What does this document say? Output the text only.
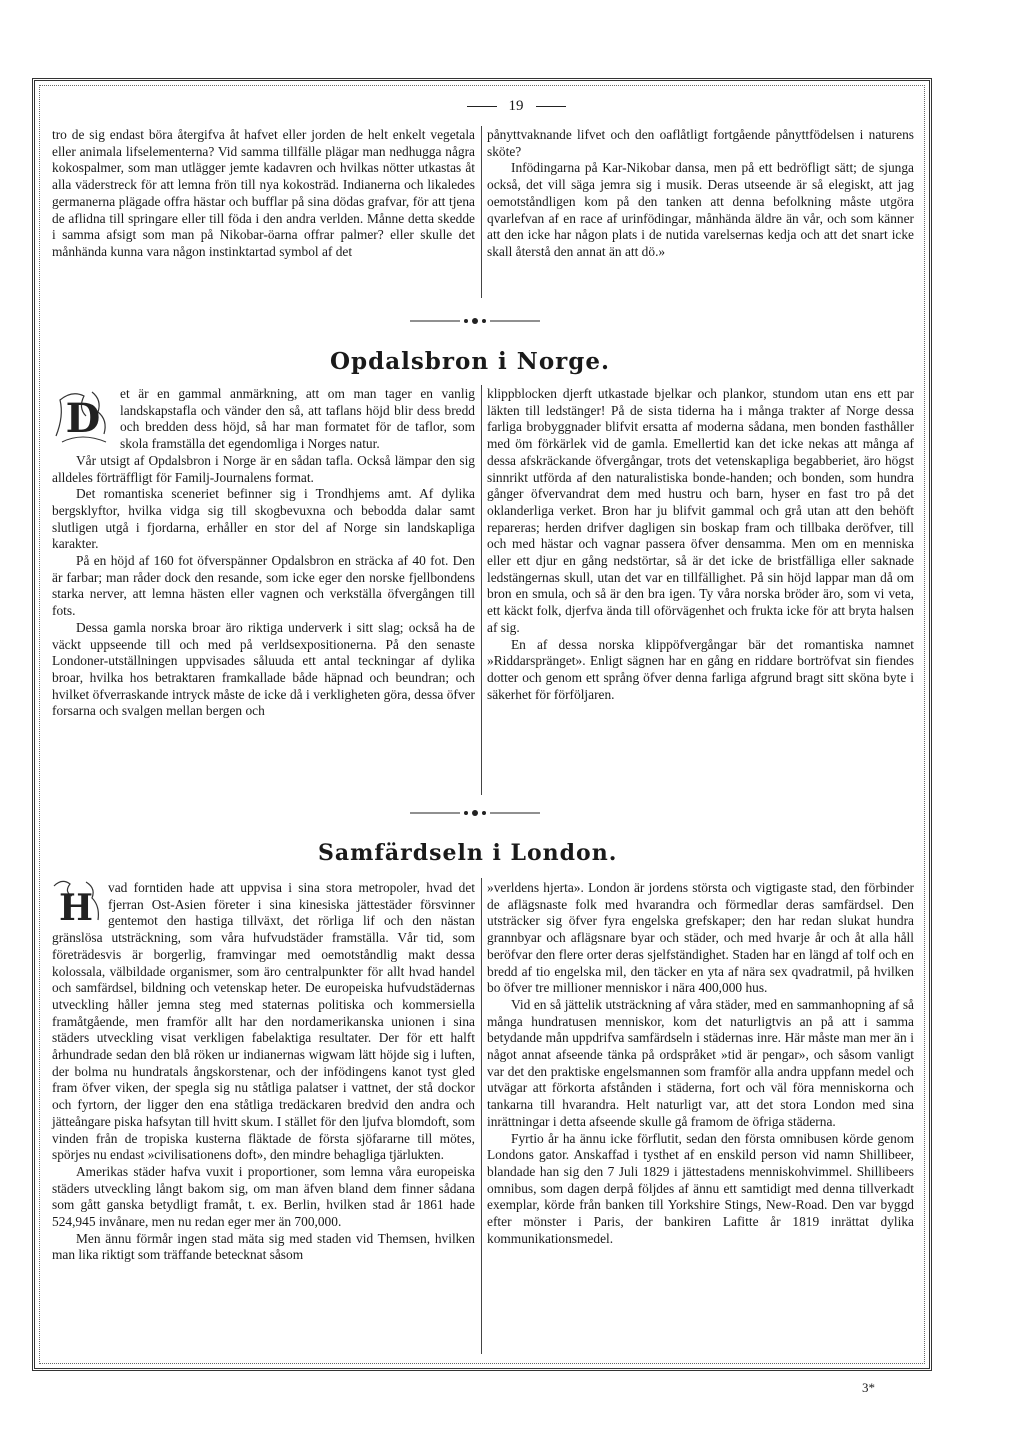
19

tro de sig endast böra återgifva åt hafvet eller jorden de helt enkelt vegetala eller animala lifselementerna? Vid samma tillfälle plägar man nedhugga några kokospalmer, som man utlägger jemte kadavren och hvilkas nötter utkastas åt alla väderstreck för att lemna frön till nya kokosträd. Indianerna och likaledes germanerna plägade offra hästar och bufflar på sina dödas grafvar, för att tjena de aflidna till springare eller till föda i den andra verlden. Månne detta skedde i samma afsigt som man på Nikobar-öarna offrar palmer? eller skulle det månhända kunna vara någon instinktartad symbol af det

pånyttvaknande lifvet och den oaflåtligt fortgående pånyttfödelsen i naturens sköte?

Infödingarna på Kar-Nikobar dansa, men på ett bedröfligt sätt; de sjunga också, det vill säga jemra sig i musik. Deras utseende är så elegiskt, att jag oemotståndligen kom på den tanken att denna befolkning måste utgöra qvarlefvan af en race af urinfödingar, månhända äldre än vår, och som känner att den icke har någon plats i de nutida varelsernas kedja och att det snart icke skall återstå den annat än att dö.»

Opdalsbron i Norge.
D

et är en gammal anmärkning, att om man tager en vanlig landskapstafla och vänder den så, att taflans höjd blir dess bredd och bredden dess höjd, så har man formatet för de taflor, som skola framställa det egendomliga i Norges natur.

Vår utsigt af Opdalsbron i Norge är en sådan tafla. Också lämpar den sig alldeles förträffligt för Familj-Journalens format.

Det romantiska sceneriet befinner sig i Trondhjems amt. Af dylika bergsklyftor, hvilka vidga sig till skogbevuxna och bebodda dalar samt slutligen utgå i fjordarna, erhåller en stor del af Norge sin landskapliga karakter.

På en höjd af 160 fot öfverspänner Opdalsbron en sträcka af 40 fot. Den är farbar; man råder dock den resande, som icke eger den norske fjellbondens starka nerver, att lemna hästen eller vagnen och verkställa öfvergången till fots.

Dessa gamla norska broar äro riktiga underverk i sitt slag; också ha de väckt uppseende till och med på verldsexpositionerna. På den senaste Londoner-utställningen uppvisades såluuda ett antal teckningar af dylika broar, hvilka hos betraktaren framkallade både häpnad och beundran; och hvilket öfverraskande intryck måste de icke då i verkligheten göra, dessa öfver forsarna och svalgen mellan bergen och

klippblocken djerft utkastade bjelkar och plankor, stundom utan ens ett par läkten till ledstänger! På de sista tiderna ha i många trakter af Norge dessa farliga brobyggnader blifvit ersatta af moderna sådana, men bonden fasthåller med öm förkärlek vid de gamla. Emellertid kan det icke nekas att många af dessa afskräckande öfvergångar, trots det vetenskapliga begabberiet, äro högst sinnrikt utförda af den naturalistiska bonde-handen; och bonden, som hundra gånger öfvervandrat dem med hustru och barn, hyser en fast tro på det oklanderliga verket. Bron har ju blifvit gammal och grå utan att den behöft repareras; herden drifver dagligen sin boskap fram och tillbaka deröfver, till och med hästar och vagnar passera öfver densamma. Men om en menniska eller ett djur en gång nedstörtar, så är det icke de bristfälliga eller saknade ledstängernas skull, utan det var en tillfällighet. På sin höjd lappar man då om bron en smula, och så är den bra igen. Ty våra norska bröder äro, som vi veta, ett käckt folk, djerfva ända till oförvägenhet och frukta icke för att bryta halsen af sig.

En af dessa norska klippöfvergångar bär det romantiska namnet »Riddarspränget». Enligt sägnen har en gång en riddare bortröfvat sin fiendes dotter och genom ett språng öfver denna farliga afgrund bragt sitt sköna byte i säkerhet för förföljaren.

Samfärdseln i London.
H	vad forntiden hade att uppvisa i sina stora metropoler, hvad det fjerran Ost-Asien företer i sina kinesiska jättestäder försvinner gentemot den hastiga tillväxt, det rörliga lif och den nästan gränslösa utsträckning, som våra hufvudstäder framställa. Vår tid, som företrädesvis är borgerlig, framvingar med oemotståndlig makt dessa kolossala, välbildade organismer, som äro centralpunkter för allt hvad handel och samfärdsel, bildning och vetenskap heter. De europeiska hufvudstädernas utveckling håller jemna steg med staternas politiska och kommersiella framåtgående, men framför allt har den nordamerikanska unionen i sina städers utveckling visat verkligen fabelaktiga resultater. Der för ett halft århundrade sedan den blå röken ur indianernas wigwam lätt höjde sig i luften, der bolma nu hundratals ångskorstenar, och der infödingens kanot tyst gled fram öfver viken, der spegla sig nu ståtliga palatser i vattnet, der stå dockor och fyrtorn, der ligger den ena ståtliga tredäckaren bredvid den andra och jätteångare piska hafsytan till hvitt skum. I stället för den ljufva blomdoft, som vinden från de tropiska kusterna fläktade de första sjöfararne till mötes, spörjes nu endast »civilisationens doft», den mindre behagliga tjärlukten.

Amerikas städer hafva vuxit i proportioner, som lemna våra europeiska städers utveckling långt bakom sig, om man äfven bland dem finner sådana som gått ganska betydligt framåt, t. ex. Berlin, hvilken stad år 1861 hade 524,945 invånare, men nu redan eger mer än 700,000.

Men ännu förmår ingen stad mäta sig med staden vid Themsen, hvilken man lika riktigt som träffande betecknat såsom

»verldens hjerta». London är jordens största och vigtigaste stad, den förbinder de aflägsnaste folk med hvarandra och förmedlar deras samfärdsel. Den utsträcker sig öfver fyra engelska grefskaper; den har redan slukat hundra grannbyar och aflägsnare byar och städer, och med hvarje år och åt alla håll beröfvar den flere orter deras sjelfständighet. Staden har en längd af tolf och en bredd af tio engelska mil, den täcker en yta af nära sex qvadratmil, på hvilken bo öfver tre millioner menniskor i nära 400,000 hus.

Vid en så jättelik utsträckning af våra städer, med en sammanhopning af så många hundratusen menniskor, kom det naturligtvis an på att i samma betydande mån uppdrifva samfärdseln i städernas inre. Här måste man mer än i något annat afseende tänka på ordspråket »tid är pengar», och såsom vanligt var det den praktiske engelsmannen som framför alla andra uppfann medel och utvägar att förkorta afstånden i städerna, fort och väl föra menniskorna och tankarna till hvarandra. Helt naturligt var, att det stora London med sina inrättningar i detta afseende skulle gå framom de öfriga städerna.

Fyrtio år ha ännu icke förflutit, sedan den första omnibusen körde genom Londons gator. Anskaffad i tysthet af en enskild person vid namn Shillibeer, blandade han sig den 7 Juli 1829 i jättestadens menniskohvimmel. Shillibeers omnibus, som dagen derpå följdes af ännu ett samtidigt med denna tillverkadt exemplar, körde från banken till Yorkshire Stings, New-Road. Den var byggd efter mönster i Paris, der bankiren Lafitte år 1819 inrättat dylika kommunikationsmedel.

3*
